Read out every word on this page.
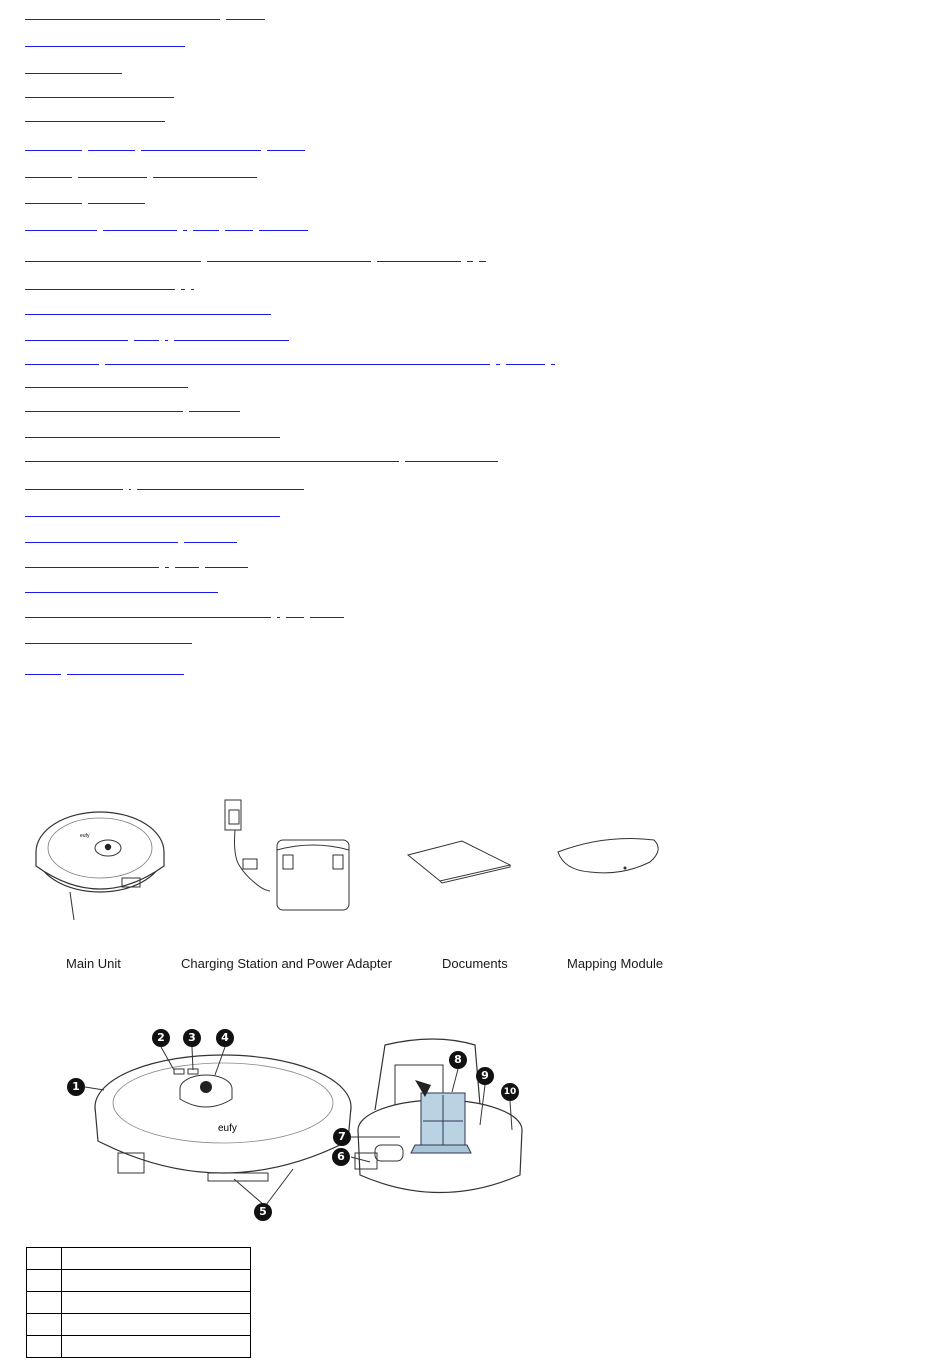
eufy
Main Unit	Charging Station and Power Adapter	Documents	Mapping Module
eufy
1
2	3	4
5
6
7
8
9
10
